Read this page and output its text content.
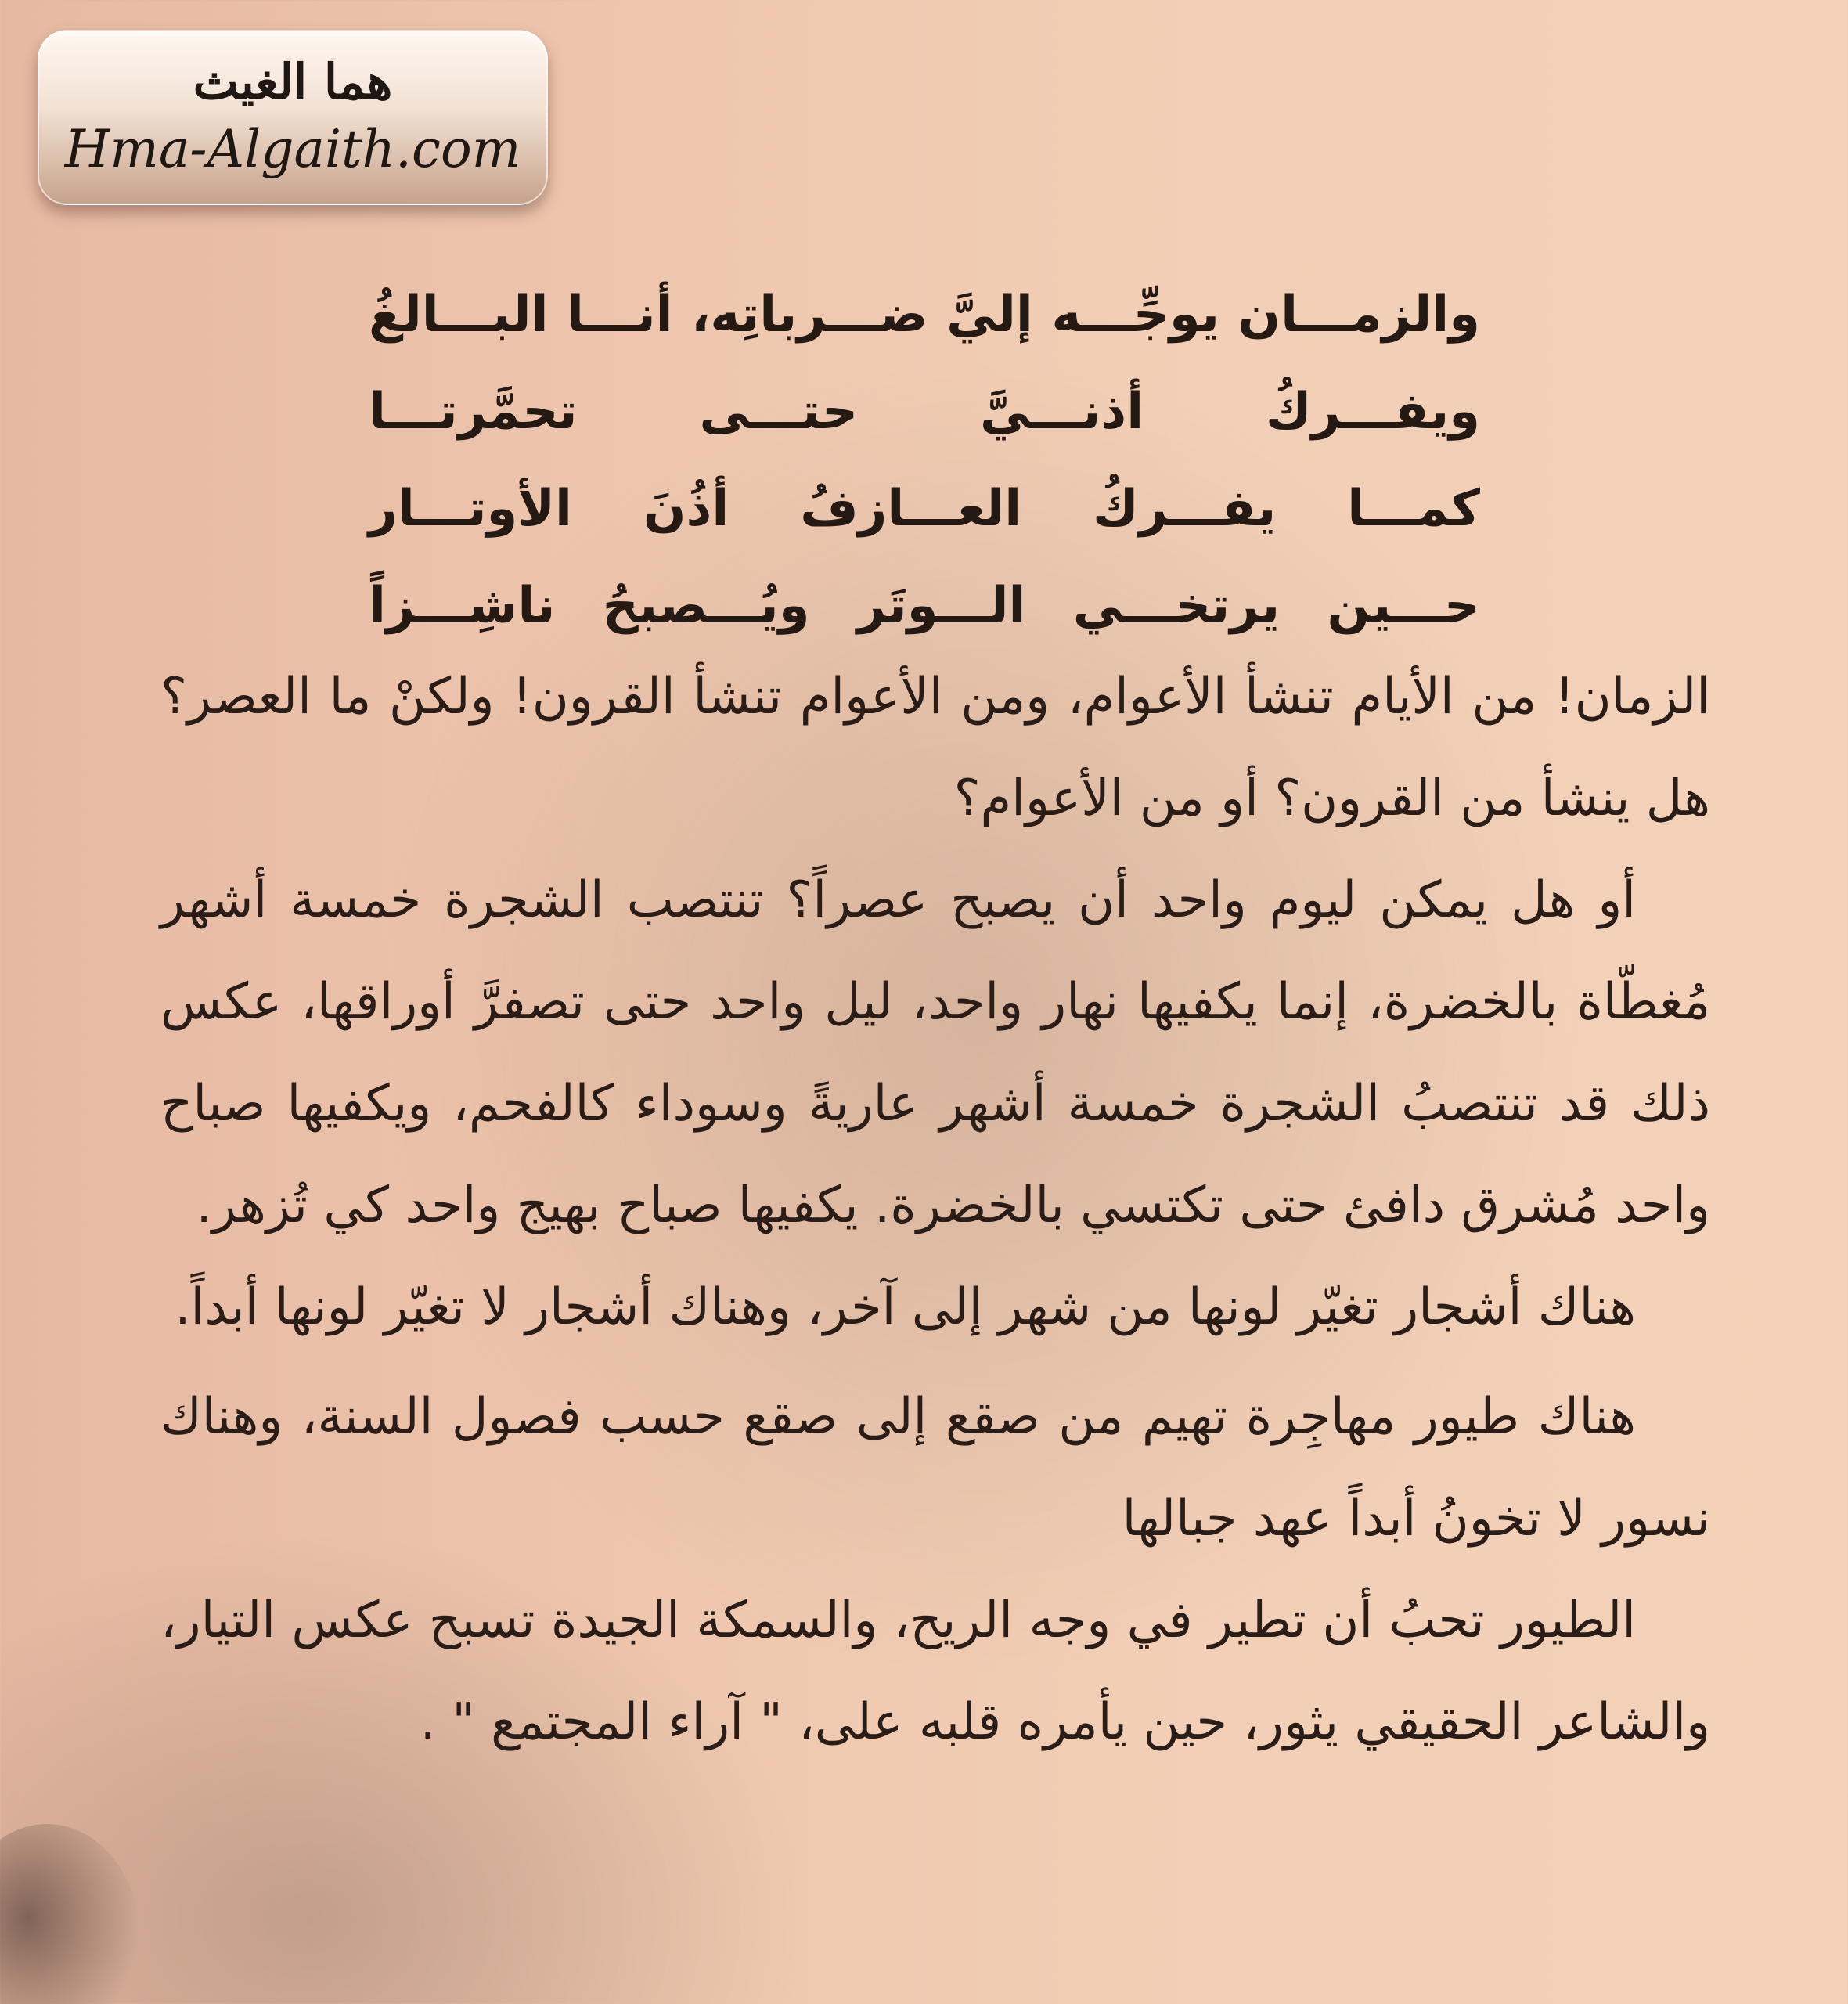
هما الغيث
Hma-Algaith.com
والزمـــان يوجِّـــه إليَّ ضـــرباتِه، أنـــا البـــالغُ
ويفـــركُ أذنـــيَّ حتـــى تحمَّرتـــا
كمـــا يفـــركُ العـــازفُ أذُنَ الأوتـــار
حـــين يرتخـــي الـــوتَر ويُـــصبحُ ناشِـــزاً

الزمان! من الأيام تنشأ الأعوام، ومن الأعوام تنشأ القرون! ولكنْ ما العصر؟ هل ينشأ من القرون؟ أو من الأعوام؟

أو هل يمكن ليوم واحد أن يصبح عصراً؟ تنتصب الشجرة خمسة أشهر مُغطّاة بالخضرة، إنما يكفيها نهار واحد، ليل واحد حتى تصفرَّ أوراقها، عكس ذلك قد تنتصبُ الشجرة خمسة أشهر عاريةً وسوداء كالفحم، ويكفيها صباح واحد مُشرق دافئ حتى تكتسي بالخضرة. يكفيها صباح بهيج واحد كي تُزهر.

هناك أشجار تغيّر لونها من شهر إلى آخر، وهناك أشجار لا تغيّر لونها أبداً.

هناك طيور مهاجِرة تهيم من صقع إلى صقع حسب فصول السنة، وهناك نسور لا تخونُ أبداً عهد جبالها

الطيور تحبُ أن تطير في وجه الريح، والسمكة الجيدة تسبح عكس التيار، والشاعر الحقيقي يثور، حين يأمره قلبه على، " آراء المجتمع " .
